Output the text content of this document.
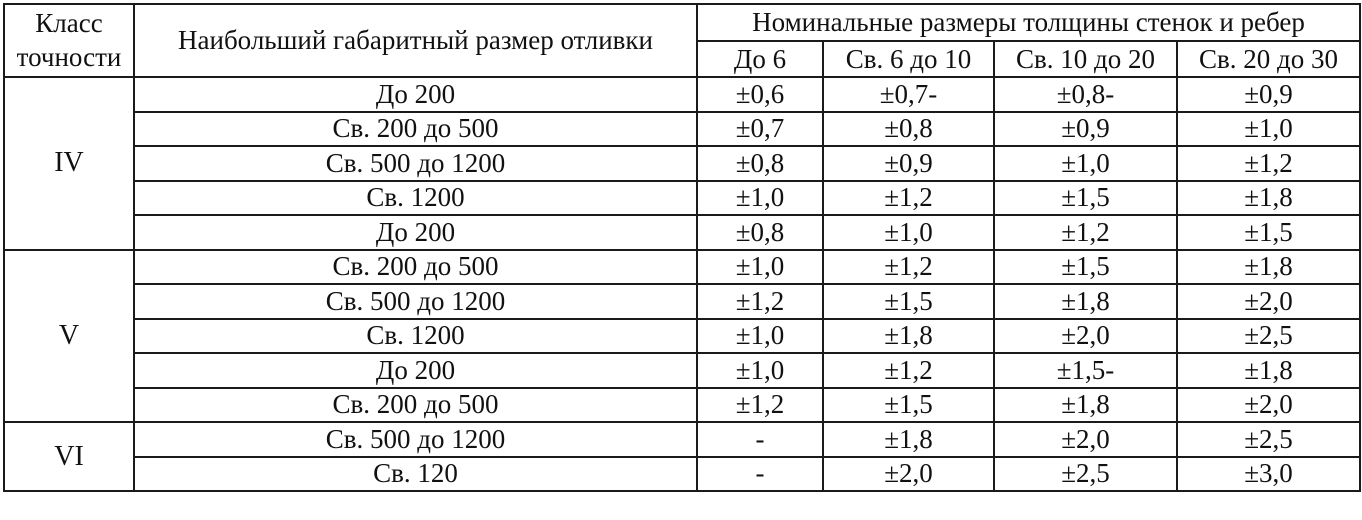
Класс точности	Наибольший габаритный размер отливки	Номинальные размеры толщины стенок и ребер			
		До 6	Св. 6 до 10	Св. 10 до 20	Св. 20 до 30
IV	До 200	±0,6	±0,7-	±0,8-	±0,9
	Св. 200 до 500	±0,7	±0,8	±0,9	±1,0
	Св. 500 до 1200	±0,8	±0,9	±1,0	±1,2
	Св. 1200	±1,0	±1,2	±1,5	±1,8
	До 200	±0,8	±1,0	±1,2	±1,5
V	Св. 200 до 500	±1,0	±1,2	±1,5	±1,8
	Св. 500 до 1200	±1,2	±1,5	±1,8	±2,0
	Св. 1200	±1,0	±1,8	±2,0	±2,5
	До 200	±1,0	±1,2	±1,5-	±1,8
	Св. 200 до 500	±1,2	±1,5	±1,8	±2,0
VI	Св. 500 до 1200	-	±1,8	±2,0	±2,5
	Св. 120	-	±2,0	±2,5	±3,0
